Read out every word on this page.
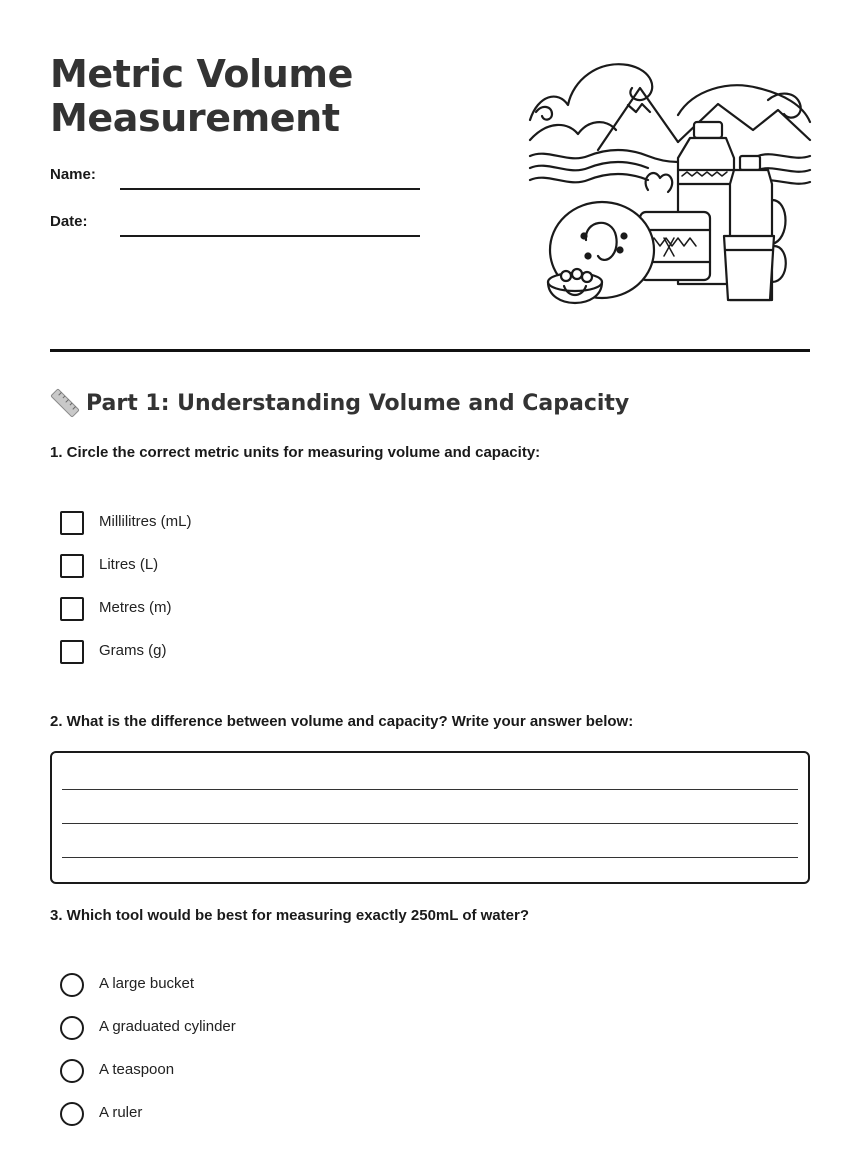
Metric Volume
Measurement
Name:
Date:
Part 1: Understanding Volume and Capacity

1. Circle the correct metric units for measuring volume and capacity:

Millilitres (mL)
Litres (L)
Metres (m)
Grams (g)

2. What is the difference between volume and capacity? Write your answer below:

3. Which tool would be best for measuring exactly 250mL of water?

A large bucket
A graduated cylinder
A teaspoon
A ruler
